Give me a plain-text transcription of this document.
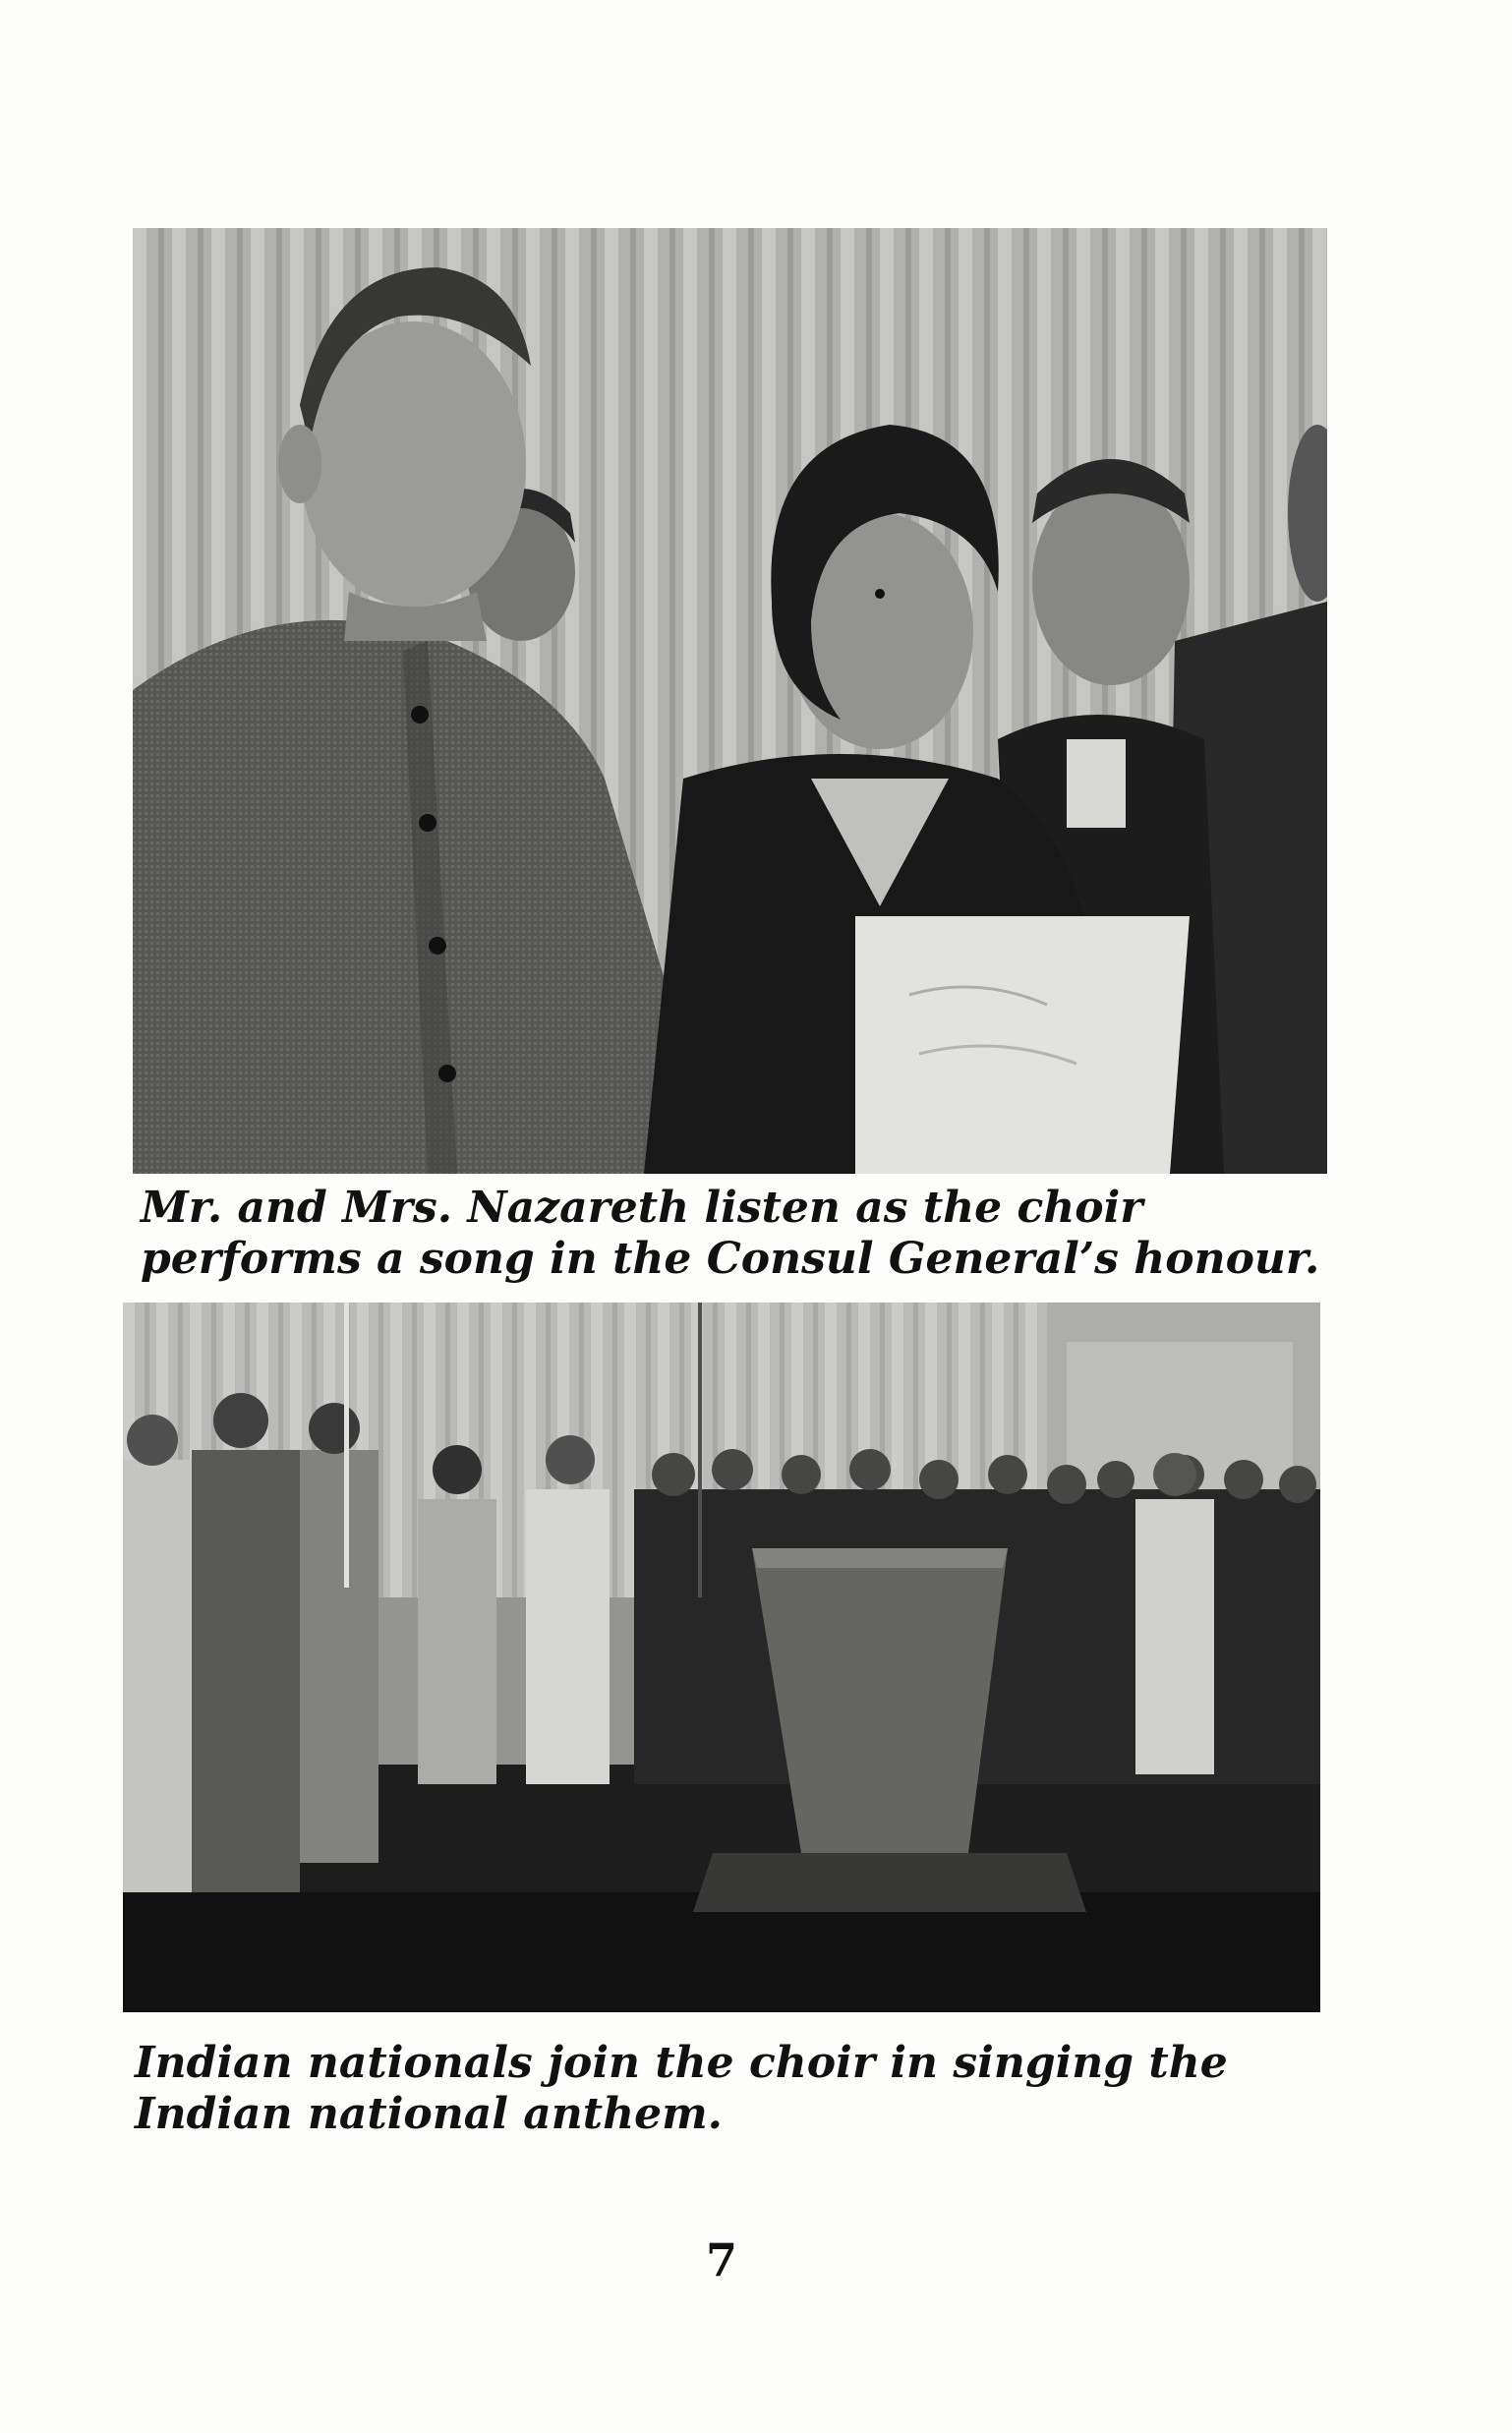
Mr. and Mrs. Nazareth listen as the choir performs a song in the Consul General’s honour.

Indian nationals join the choir in singing the Indian national anthem.

7
